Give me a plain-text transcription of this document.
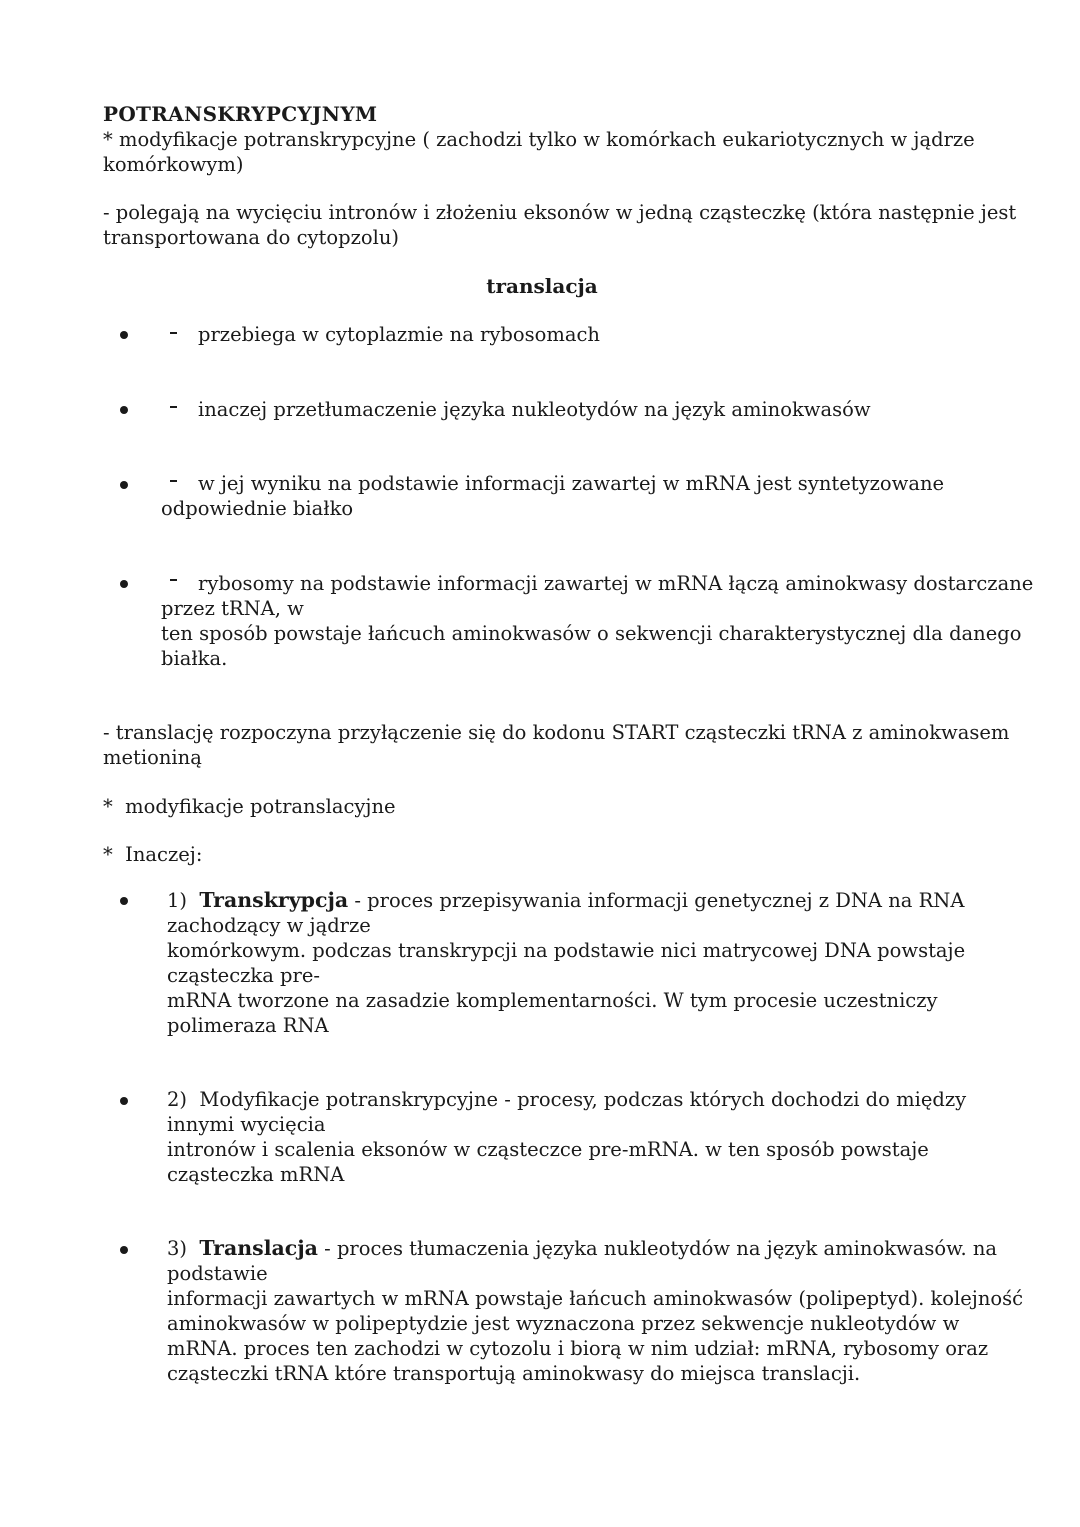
POTRANSKRYPCYJNYM
* modyfikacje potranskrypcyjne ( zachodzi tylko w komórkach eukariotycznych w jądrze
komórkowym)
- polegają na wycięciu intronów i złożeniu eksonów w jedną cząsteczkę (która następnie jest
transportowana do cytopzolu)
translacja
przebiega w cytoplazmie na rybosomach
inaczej przetłumaczenie języka nukleotydów na język aminokwasów
w jej wyniku na podstawie informacji zawartej w mRNA jest syntetyzowane
odpowiednie białko
rybosomy na podstawie informacji zawartej w mRNA łączą aminokwasy dostarczane
przez tRNA, w
ten sposób powstaje łańcuch aminokwasów o sekwencji charakterystycznej dla danego
białka.
- translację rozpoczyna przyłączenie się do kodonu START cząsteczki tRNA z aminokwasem
metioniną
*  modyfikacje potranslacyjne
*  Inaczej:
1) Transkrypcja - proces przepisywania informacji genetycznej z DNA na RNA
zachodzący w jądrze
komórkowym. podczas transkrypcji na podstawie nici matrycowej DNA powstaje
cząsteczka pre-
mRNA tworzone na zasadzie komplementarności. W tym procesie uczestniczy
polimeraza RNA
2) Modyfikacje potranskrypcyjne - procesy, podczas których dochodzi do między
innymi wycięcia
intronów i scalenia eksonów w cząsteczce pre-mRNA. w ten sposób powstaje
cząsteczka mRNA
3) Translacja - proces tłumaczenia języka nukleotydów na język aminokwasów. na
podstawie
informacji zawartych w mRNA powstaje łańcuch aminokwasów (polipeptyd). kolejność
aminokwasów w polipeptydzie jest wyznaczona przez sekwencje nukleotydów w
mRNA. proces ten zachodzi w cytozolu i biorą w nim udział: mRNA, rybosomy oraz
cząsteczki tRNA które transportują aminokwasy do miejsca translacji.
